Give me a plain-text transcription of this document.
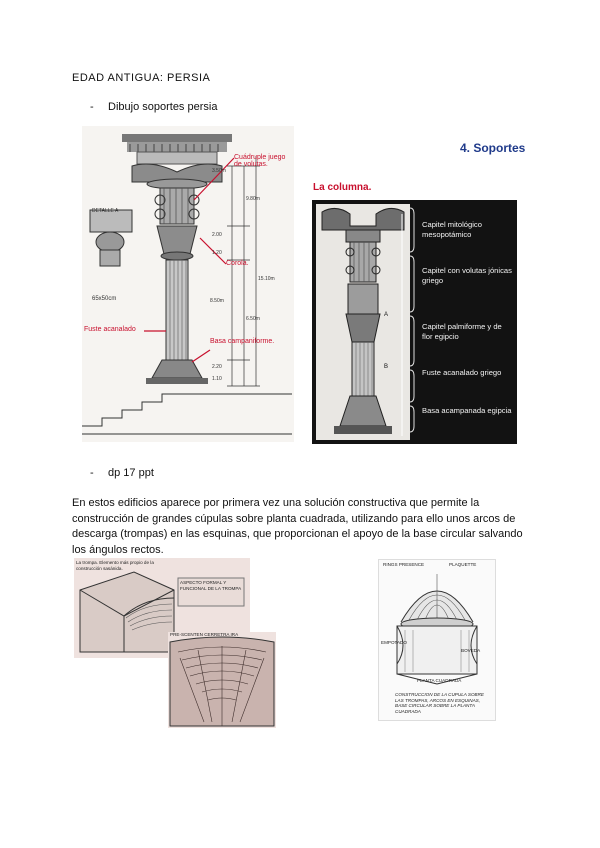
EDAD ANTIGUA: PERSIA
- Dibujo soportes persia
Cuádruple juego de volutas.
Corola.
Fuste acanalado
Basa campaniforme.
DETALLE A
65x50cm
3.50m
2.00
1.20
8.50m
2.20
1.10
15.10m
9.80m
6.50m
4. Soportes
La columna.
A
B
Capitel mitológico mesopotámico
Capitel con volutas jónicas griego
Capitel palmiforme y de flor egipcio
Fuste acanalado griego
Basa acampanada egipcia
- dp 17 ppt
En estos edificios aparece por primera vez una solución constructiva que permite la construcción de grandes cúpulas sobre planta cuadrada, utilizando para ello unos arcos de descarga (trompas) en las esquinas, que proporcionan el apoyo de la base circular salvando los ángulos rectos.
La trompa. Elemento más propio de la construcción sasánida.
ASPECTO FORMAL Y FUNCIONAL DE LA TROMPA
PRE-SCENTEN CERRETRA IRA
RINGS PRESENCE	PLAQUETTE
EMPOTADO
BOVEDA
PLANTA CUADRADA
CONSTRUCCION DE LA CUPULA SOBRE LAS TROMPAS, ARCOS EN ESQUINAS, BASE CIRCULAR SOBRE LA PLANTA CUADRADA
